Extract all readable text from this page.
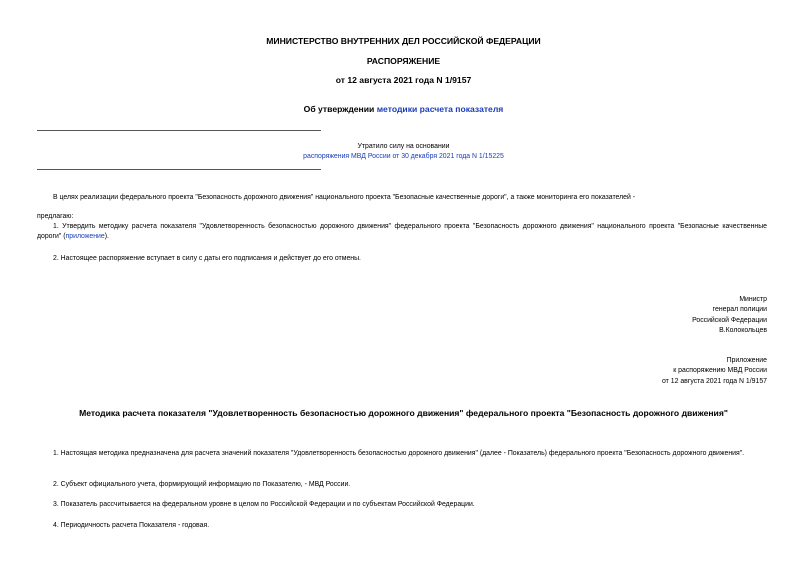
МИНИСТЕРСТВО ВНУТРЕННИХ ДЕЛ РОССИЙСКОЙ ФЕДЕРАЦИИ

РАСПОРЯЖЕНИЕ

от 12 августа 2021 года N 1/9157

Об утверждении методики расчета показателя

Утратило силу на основании

распоряжения МВД России от 30 декабря 2021 года N 1/15225

В целях реализации федерального проекта "Безопасность дорожного движения" национального проекта "Безопасные качественные дороги", а также мониторинга его показателей -

предлагаю:

1. Утвердить методику расчета показателя "Удовлетворенность безопасностью дорожного движения" федерального проекта "Безопасность дорожного движения" национального проекта "Безопасные качественные дороги" (приложение).

2. Настоящее распоряжение вступает в силу с даты его подписания и действует до его отмены.

Министр
генерал полиции
Российской Федерации
В.Колокольцев
Приложение
к распоряжению МВД России
от 12 августа 2021 года N 1/9157

Методика расчета показателя "Удовлетворенность безопасностью дорожного движения" федерального проекта "Безопасность дорожного движения"

1. Настоящая методика предназначена для расчета значений показателя "Удовлетворенность безопасностью дорожного движения" (далее - Показатель) федерального проекта "Безопасность дорожного движения".

2. Субъект официального учета, формирующий информацию по Показателю, - МВД России.

3. Показатель рассчитывается на федеральном уровне в целом по Российской Федерации и по субъектам Российской Федерации.

4. Периодичность расчета Показателя - годовая.
